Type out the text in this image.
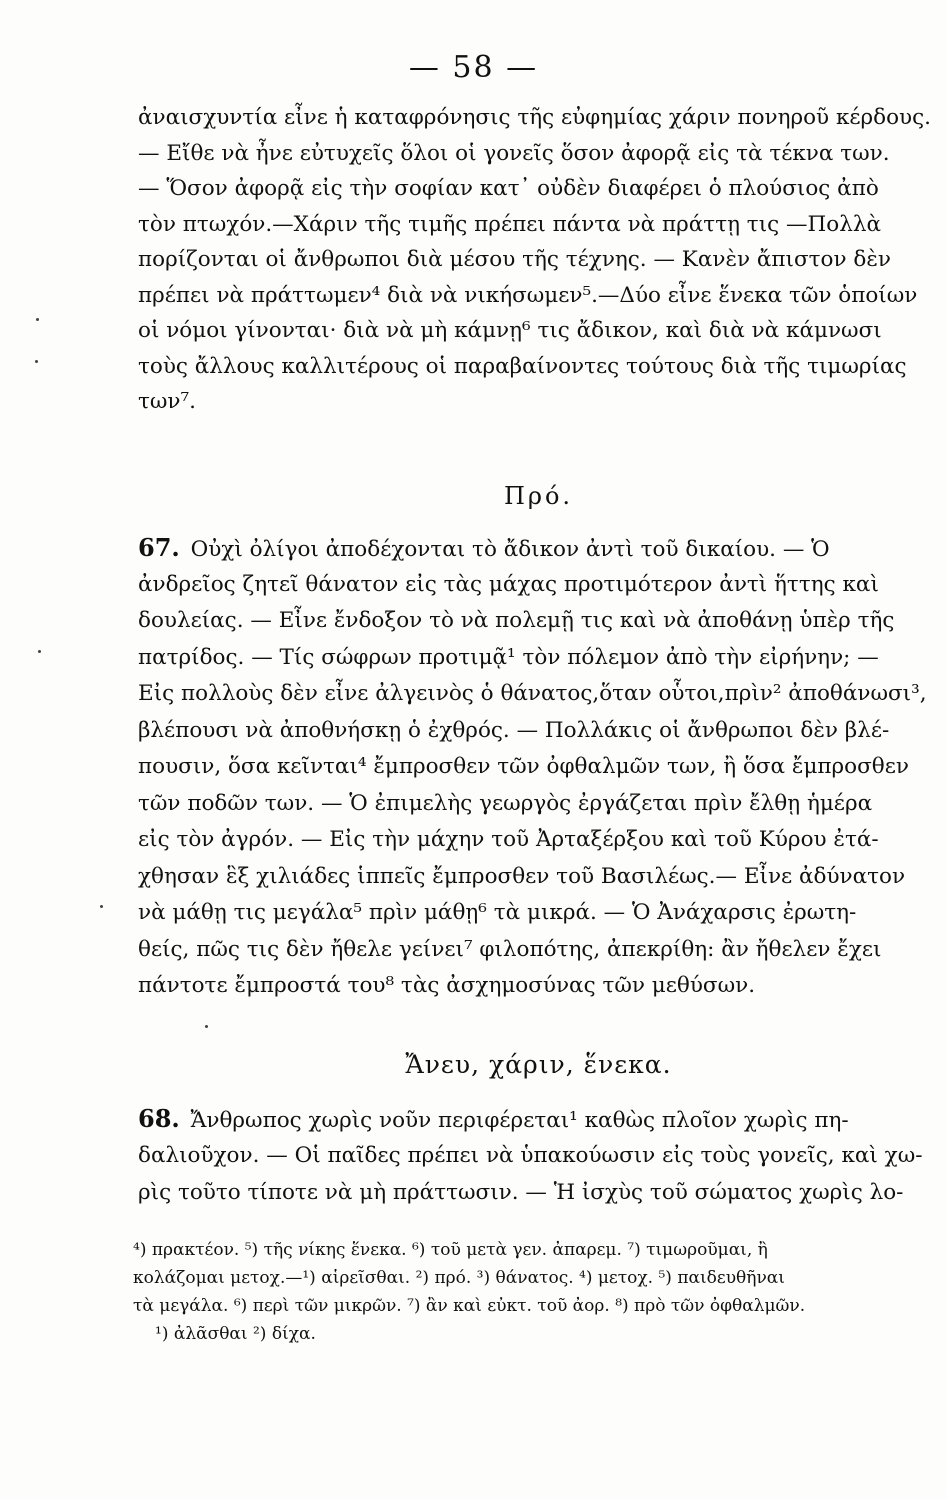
— 58 —
ἀναισχυντία εἶνε ἡ καταφρόνησις τῆς εὐφημίας χάριν πονηροῦ κέρδους.
— Εἴθε νὰ ἦνε εὐτυχεῖς ὅλοι οἱ γονεῖς ὅσον ἀφορᾷ εἰς τὰ τέκνα των.
— Ὅσον ἀφορᾷ εἰς τὴν σοφίαν κατ᾽ οὐδὲν διαφέρει ὁ πλούσιος ἀπὸ
τὸν πτωχόν.—Χάριν τῆς τιμῆς πρέπει πάντα νὰ πράττῃ τις —Πολλὰ
πορίζονται οἱ ἄνθρωποι διὰ μέσου τῆς τέχνης. — Κανὲν ἄπιστον δὲν
πρέπει νὰ πράττωμεν⁴ διὰ νὰ νικήσωμεν⁵.—Δύο εἶνε ἕνεκα τῶν ὁποίων
οἱ νόμοι γίνονται· διὰ νὰ μὴ κάμνῃ⁶ τις ἄδικον, καὶ διὰ νὰ κάμνωσι
τοὺς ἄλλους καλλιτέρους οἱ παραβαίνοντες τούτους διὰ τῆς τιμωρίας
των⁷.
Πρό.
67. Οὐχὶ ὀλίγοι ἀποδέχονται τὸ ἄδικον ἀντὶ τοῦ δικαίου. — Ὁ
ἀνδρεῖος ζητεῖ θάνατον εἰς τὰς μάχας προτιμότερον ἀντὶ ἥττης καὶ
δουλείας. — Εἶνε ἔνδοξον τὸ νὰ πολεμῇ τις καὶ νὰ ἀποθάνῃ ὑπὲρ τῆς
πατρίδος. — Τίς σώφρων προτιμᾷ¹ τὸν πόλεμον ἀπὸ τὴν εἰρήνην; —
Εἰς πολλοὺς δὲν εἶνε ἀλγεινὸς ὁ θάνατος,ὅταν οὗτοι,πρὶν² ἀποθάνωσι³,
βλέπουσι νὰ ἀποθνήσκῃ ὁ ἐχθρός. — Πολλάκις οἱ ἄνθρωποι δὲν βλέ-
πουσιν, ὅσα κεῖνται⁴ ἔμπροσθεν τῶν ὀφθαλμῶν των, ἢ ὅσα ἔμπροσθεν
τῶν ποδῶν των. — Ὁ ἐπιμελὴς γεωργὸς ἐργάζεται πρὶν ἔλθῃ ἡμέρα
εἰς τὸν ἀγρόν. — Εἰς τὴν μάχην τοῦ Ἀρταξέρξου καὶ τοῦ Κύρου ἐτά-
χθησαν ἓξ χιλιάδες ἱππεῖς ἔμπροσθεν τοῦ Βασιλέως.— Εἶνε ἀδύνατον
νὰ μάθῃ τις μεγάλα⁵ πρὶν μάθῃ⁶ τὰ μικρά. — Ὁ Ἀνάχαρσις ἐρωτη-
θείς, πῶς τις δὲν ἤθελε γείνει⁷ φιλοπότης, ἀπεκρίθη: ἂν ἤθελεν ἔχει
πάντοτε ἔμπροστά του⁸ τὰς ἀσχημοσύνας τῶν μεθύσων.
Ἄνευ, χάριν, ἕνεκα.
68. Ἄνθρωπος χωρὶς νοῦν περιφέρεται¹ καθὼς πλοῖον χωρὶς πη-
δαλιοῦχον. — Οἱ παῖδες πρέπει νὰ ὑπακούωσιν εἰς τοὺς γονεῖς, καὶ χω-
ρὶς τοῦτο τίποτε νὰ μὴ πράττωσιν. — Ἡ ἰσχὺς τοῦ σώματος χωρὶς λο-
⁴) πρακτέον. ⁵) τῆς νίκης ἕνεκα. ⁶) τοῦ μετὰ γεν. ἀπαρεμ. ⁷) τιμωροῦμαι, ἢ
κολάζομαι μετοχ.—¹) αἱρεῖσθαι. ²) πρό. ³) θάνατος. ⁴) μετοχ. ⁵) παιδευθῆναι
τὰ μεγάλα. ⁶) περὶ τῶν μικρῶν. ⁷) ἂν καὶ εὐκτ. τοῦ ἀορ. ⁸) πρὸ τῶν ὀφθαλμῶν.
¹) ἀλᾶσθαι ²) δίχα.
